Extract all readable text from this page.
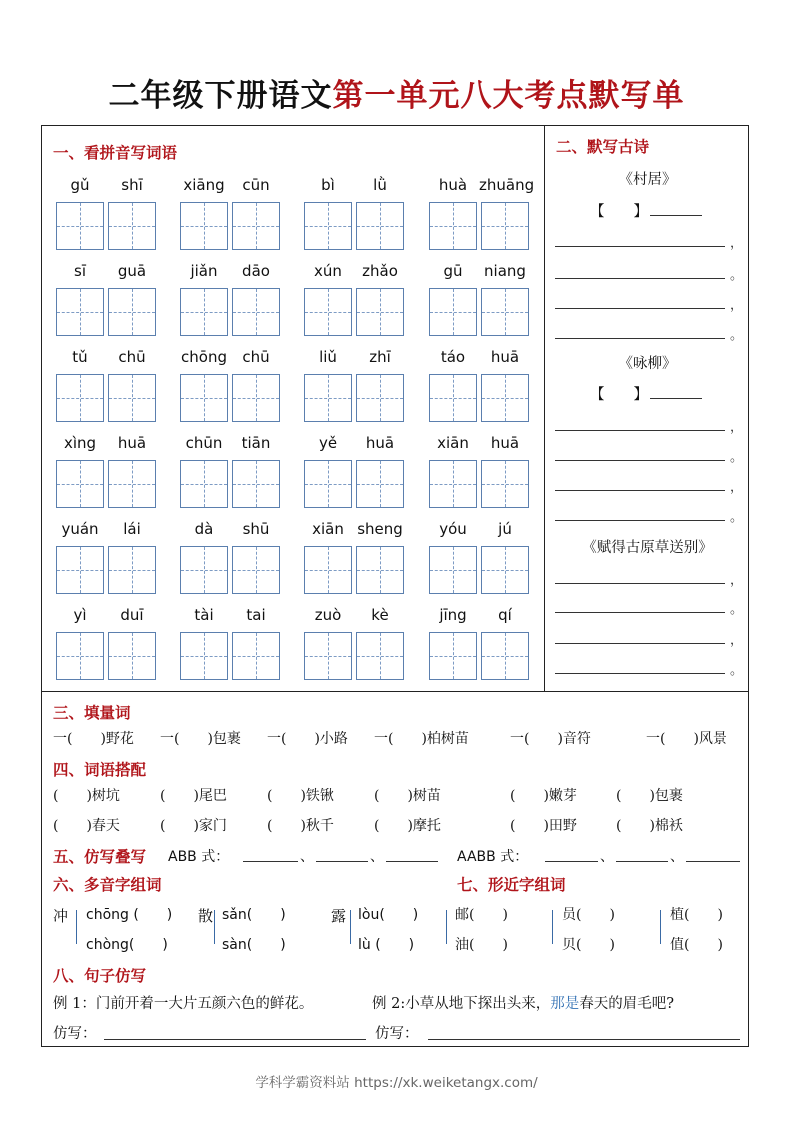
二年级下册语文第一单元八大考点默写单
一、看拼音写词语
gǔ	shī	xiāng	cūn	bì	lǜ	huà zhuāng
sī	guā	jiǎn	dāo	xún	zhǎo	gū	niang
tǔ	chū	chōng	chū	liǔ	zhī	táo	huā
xìng	huā	chūn	tiān	yě	huā	xiān	huā
yuán	lái	dà	shū	xiān sheng	yóu	jú
yì	duī	tài	tai	zuò	kè	jīng	qí
二、默写古诗
《村居》
【　　】
，
。
，
。
《咏柳》
【　　】
，
。
，
。
《赋得古原草送别》
，
。
，
。
三、填量词
一(　　)野花 一(　　)包裹 一(　　)小路 一(　　)柏树苗	一(　　)音符	一(　　)风景
四、词语搭配
(　　)树坑	(　　)尾巴	(　　)铁锹	(　　)树苗	(　　)嫩芽	(　　)包裹
(　　)春天	(　　)家门	(　　)秋千	(　　)摩托	(　　)田野	(　　)棉袄
五、仿写叠写 ABB 式：	、	、	AABB 式：	、	、
六、多音字组词
冲 chōng (　　)
chòng(　　)
散 sǎn(　　)
sàn(　　)
露 lòu(　　)
lù (　　)
七、形近字组词
邮(　　)
油(　　)
员(　　)
贝(　　)
植(　　)
值(　　)
八、句子仿写
例 1：门前开着一大片五颜六色的鲜花。	例 2:小草从地下探出头来，那是春天的眉毛吧?
仿写：	仿写：
学科学霸资料站 https://xk.weiketangx.com/
